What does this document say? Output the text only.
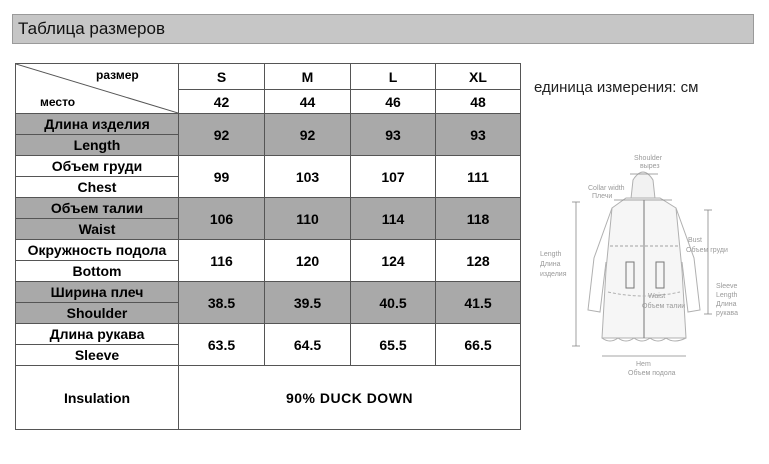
Таблица размеров
размер
место	S	M	L	XL
	42	44	46	48
Длина изделия	92	92	93	93
Length				
Объем груди	99	103	107	111
Chest				
Объем талии	106	110	114	118
Waist				
Окружность подола	116	120	124	128
Bottom				
Ширина плеч	38.5	39.5	40.5	41.5
Shoulder				
Длина рукава	63.5	64.5	65.5	66.5
Sleeve				
Insulation	90% DUCK DOWN			
единица измерения: см
Shoulder
вырез
Collar width
Плечи
Length
Длина
изделия
Bust
Объем груди
Waist
Объем талии
Sleeve
Length
Длина
рукава
Hem
Объем подола
